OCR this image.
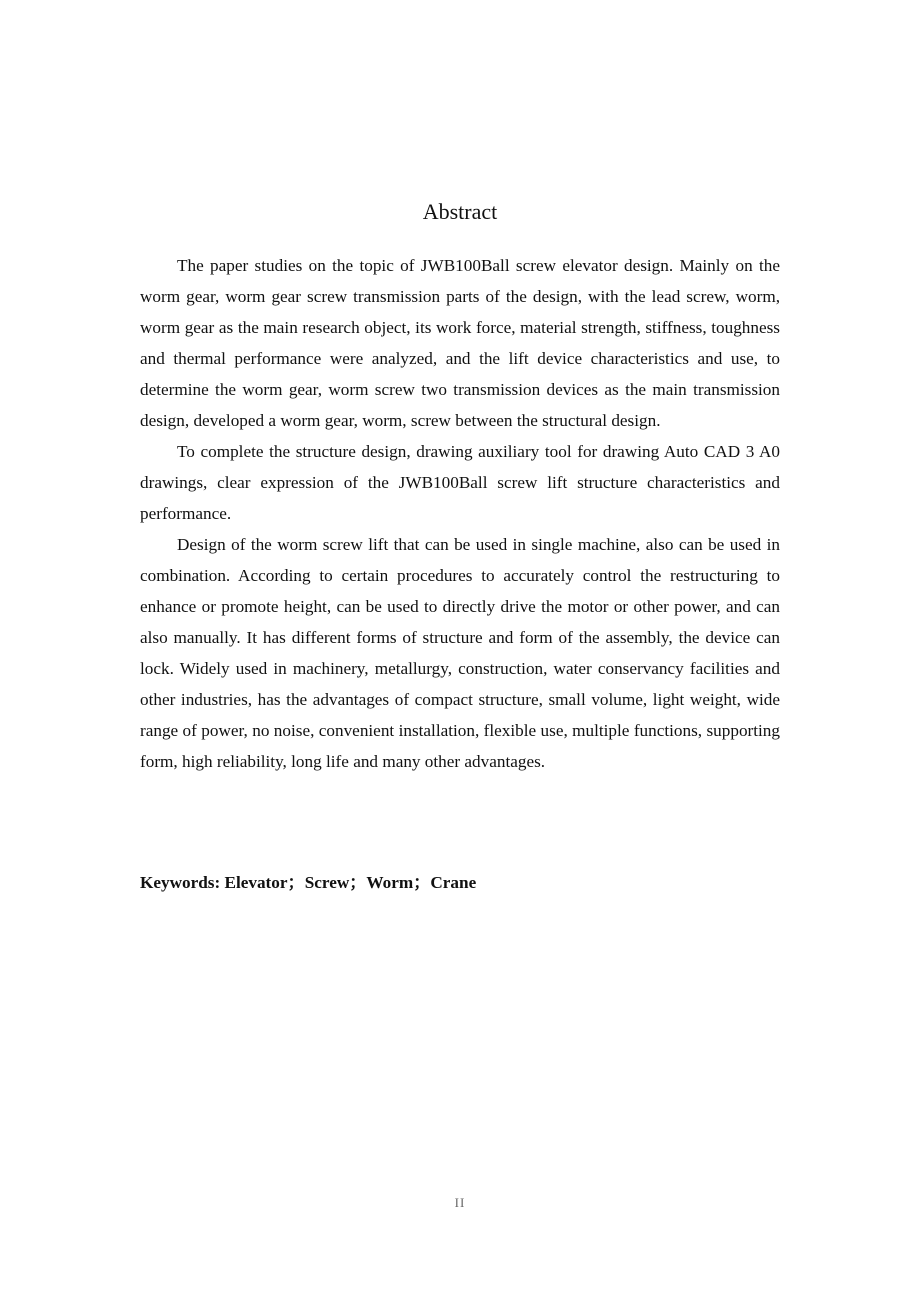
Abstract

The paper studies on the topic of JWB100Ball screw elevator design. Mainly on the worm gear, worm gear screw transmission parts of the design, with the lead screw, worm, worm gear as the main research object, its work force, material strength, stiffness, toughness and thermal performance were analyzed, and the lift device characteristics and use, to determine the worm gear, worm screw two transmission devices as the main transmission design, developed a worm gear, worm, screw between the structural design.

To complete the structure design, drawing auxiliary tool for drawing Auto CAD 3 A0 drawings, clear expression of the JWB100Ball screw lift structure characteristics and performance.

Design of the worm screw lift that can be used in single machine, also can be used in combination. According to certain procedures to accurately control the restructuring to enhance or promote height, can be used to directly drive the motor or other power, and can also manually. It has different forms of structure and form of the assembly, the device can lock. Widely used in machinery, metallurgy, construction, water conservancy facilities and other industries, has the advantages of compact structure, small volume, light weight, wide range of power, no noise, convenient installation, flexible use, multiple functions, supporting form, high reliability, long life and many other advantages.

Keywords: Elevator；Screw；Worm；Crane

II
